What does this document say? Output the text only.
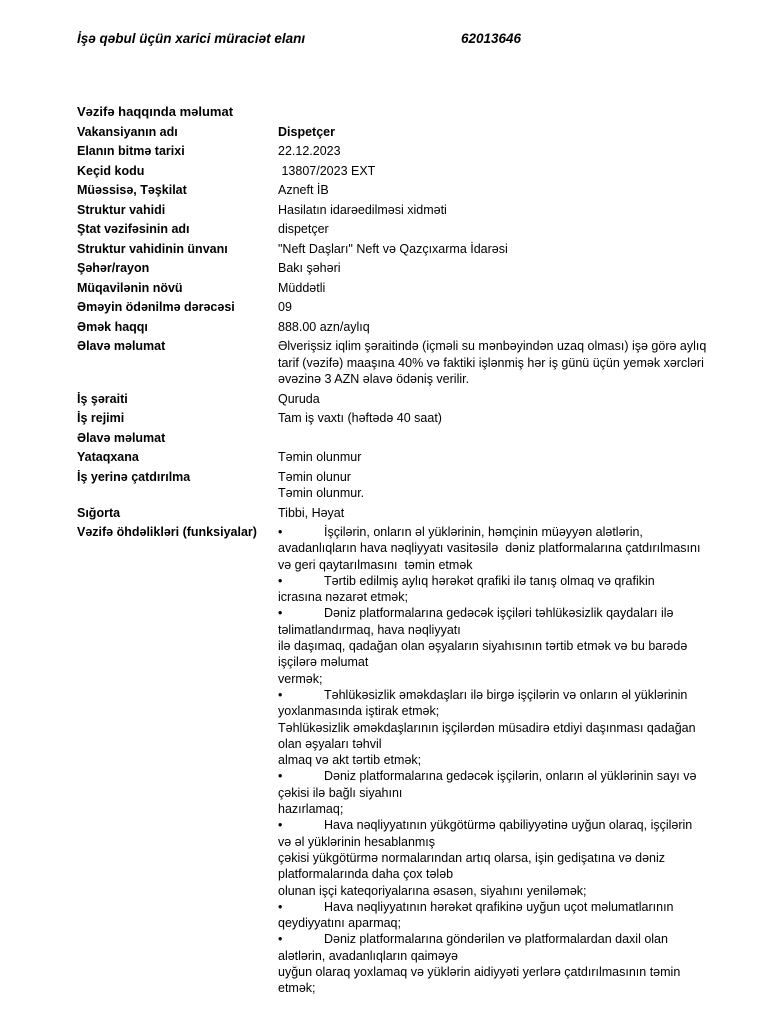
İşə qəbul üçün xarici müraciət elanı	62013646
Vəzifə haqqında məlumat
Vakansiyanın adı	Dispetçer
Elanın bitmə tarixi	22.12.2023
Keçid kodu	13807/2023 EXT
Müəssisə, Təşkilat	Azneft İB
Struktur vahidi	Hasilatın idarəedilməsi xidməti
Ştat vəzifəsinin adı	dispetçer
Struktur vahidinin ünvanı	"Neft Daşları" Neft və Qazçıxarma İdarəsi
Şəhər/rayon	Bakı şəhəri
Müqavilənin növü	Müddətli
Əməyin ödənilmə dərəcəsi	09
Əmək haqqı	888.00 azn/aylıq
Əlavə məlumat	Əlverişsiz iqlim şəraitində (içməli su mənbəyindən uzaq olması) işə görə aylıq tarif (vəzifə) maaşına 40% və faktiki işlənmiş hər iş günü üçün yemək xərcləri əvəzinə 3 AZN əlavə ödəniş verilir.
İş şəraiti	Quruda
İş rejimi	Tam iş vaxtı (həftədə 40 saat)
Əlavə məlumat

Yataqxana	Təmin olunmur
İş yerinə çatdırılma	Təmin olunur
Təmin olunmur.
Sığorta	Tibbi, Həyat
Vəzifə öhdəlikləri (funksiyalar)	•	İşçilərin, onların əl yüklərinin, həmçinin müəyyən alətlərin,
avadanlıqların hava nəqliyyatı vasitəsilə  dəniz platformalarına çatdırılmasını
və geri qaytarılmasını  təmin etmək
•	Tərtib edilmiş aylıq hərəkət qrafiki ilə tanış olmaq və qrafikin
icrasına nəzarət etmək;
•	Dəniz platformalarına gedəcək işçiləri təhlükəsizlik qaydaları ilə
təlimatlandırmaq, hava nəqliyyatı
ilə daşımaq, qadağan olan əşyaların siyahısının tərtib etmək və bu barədə
işçilərə məlumat
vermək;
•	Təhlükəsizlik əməkdaşları ilə birgə işçilərin və onların əl yüklərinin
yoxlanmasında iştirak etmək;
Təhlükəsizlik əməkdaşlarının işçilərdən müsadirə etdiyi daşınması qadağan
olan əşyaları təhvil
almaq və akt tərtib etmək;
•	Dəniz platformalarına gedəcək işçilərin, onların əl yüklərinin sayı və
çəkisi ilə bağlı siyahını
hazırlamaq;
•	Hava nəqliyyatının yükgötürmə qabiliyyətinə uyğun olaraq, işçilərin
və əl yüklərinin hesablanmış
çəkisi yükgötürmə normalarından artıq olarsa, işin gedişatına və dəniz
platformalarında daha çox tələb
olunan işçi kateqoriyalarına əsasən, siyahını yeniləmək;
•	Hava nəqliyyatının hərəkət qrafikinə uyğun uçot məlumatlarının
qeydiyyatını aparmaq;
•	Dəniz platformalarına göndərilən və platformalardan daxil olan
alətlərin, avadanlıqların qaiməyə
uyğun olaraq yoxlamaq və yüklərin aidiyyəti yerlərə çatdırılmasının təmin
etmək;
